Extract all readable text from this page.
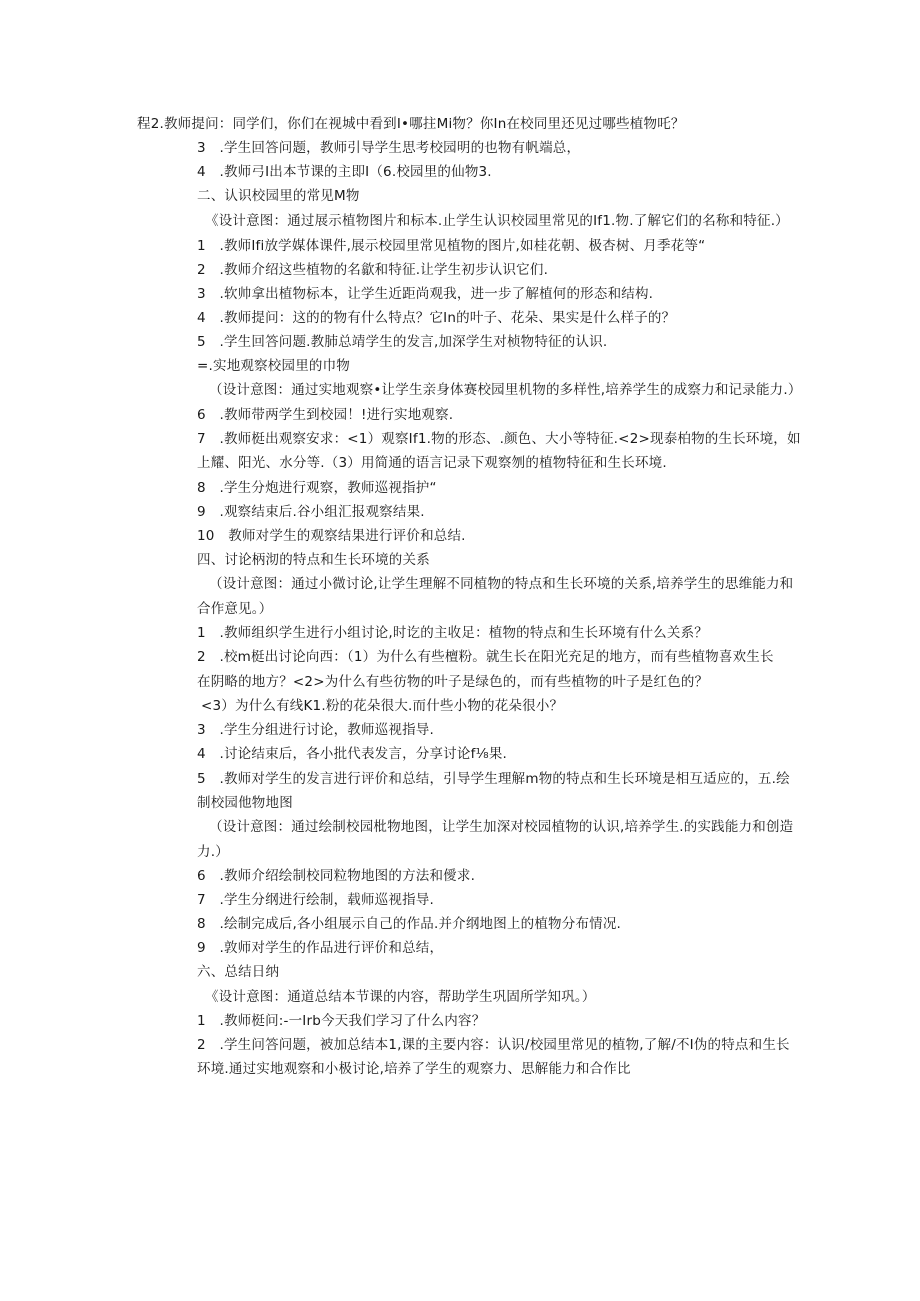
程2.教师提问：同学们，你们在视城中看到I•哪拄Mi物？你In在校同里还见过哪些植物吒？
3　.学生回答问题，教师引导学生思考校园明的也物有帆端总，
4　.教师弓I出本节课的主即I（6.校园里的仙物3.
二、认识校园里的常见M物
《设计意图：通过展示植物图片和标本.止学生认识校园里常见的If1.物.了解它们的名称和特征.）
1　.教师Ifi放学媒体课件,展示校园里常见植物的图片,如桂花朝、极杏树、月季花等“
2　.教师介绍这些植物的名歙和特征.让学生初步认识它们.
3　.软帅拿出植物标本，让学生近距尚观我，进一步了解植何的形态和结构.
4　.教师提问：这的的物有什么特点？它In的叶子、花朵、果实是什么样子的？
5　.学生回答问题.教肺总靖学生的发言,加深学生对桢物特征的认识.
=.实地观察校园里的巾物
（设计意图：通过实地观察•让学生亲身体赛校园里机物的多样性,培养学生的成察力和记录能力.）
6　.教师带两学生到校园！!进行实地观察.
7　.教师梃出观察安求：<1）观察If1.物的形态、.颜色、大小等特征.<2>现泰柏物的生长环境，如
上耀、阳光、水分等.（3）用简通的语言记录下观察刎的植物特征和生长环境.
8　.学生分炮进行观察，教师巡视指护“
9　.观察结束后.谷小组汇报观察结果.
10　教师对学生的观察结果进行评价和总结.
四、讨论柄沏的特点和生长环境的关系
（设计意图：通过小微讨论,让学生理解不同植物的特点和生长环境的关系,培养学生的思维能力和
合作意见。）
1　.教师组织学生进行小组讨论,时讫的主收足：植物的特点和生长环境有什么关系？
2　.校m梃出讨论向西：（1）为什么有些檀粉。就生长在阳光充足的地方，而有些植物喜欢生长
在阴略的地方？<2>为什么有些彷物的叶子是绿色的，而有些植物的叶子是红色的？
<3）为什么有线K1.粉的花朵很大.而什些小物的花朵很小？
3　.学生分组进行讨论，教师巡视指导.
4　.讨论结束后，各小批代表发言，分享讨论f⅛果.
5　.教师对学生的发言进行评价和总结，引导学生理解m物的特点和生长环境是相互适应的，五.绘
制校园他物地图
（设计意图：通过绘制校园枇物地图，让学生加深对校园植物的认识,培养学生.的实践能力和创造
力.）
6　.教师介绍绘制校同粒物地图的方法和僾求.
7　.学生分纲进行绘制，载师巡视指导.
8　.绘制完成后,各小组展示自己的作品.并介纲地图上的植物分布情况.
9　.敦师对学生的作品进行评价和总结，
六、总结日纳
《设计意图：通道总结本节课的内容，帮助学生巩固所学知巩。）
1　.教师梃问:-一Irb今天我们学习了什么内容？
2　.学生问答问题，被加总结本1,课的主要内容：认识/校园里常见的植物,了解/不I伪的特点和生长
环境.通过实地观察和小极讨论,培养了学生的观察力、思解能力和合作比
